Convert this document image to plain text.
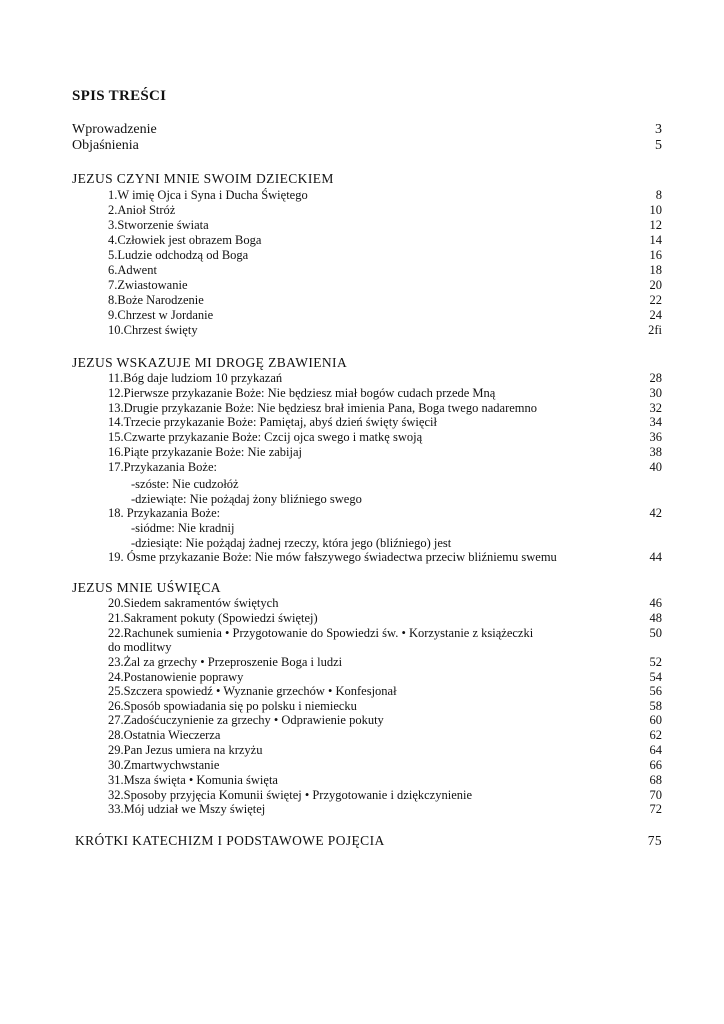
SPIS TREŚCI
Wprowadzenie	3
Objaśnienia	5
JEZUS CZYNI MNIE SWOIM DZIECKIEM
1.W imię Ojca i Syna i Ducha Świętego	8
2.Anioł Stróż	10
3.Stworzenie świata	12
4.Człowiek jest obrazem Boga	14
5.Ludzie odchodzą od Boga	16
6.Adwent	18
7.Zwiastowanie	20
8.Boże Narodzenie	22
9.Chrzest w Jordanie	24
10.Chrzest święty	2fi
JEZUS WSKAZUJE MI DROGĘ ZBAWIENIA
11.Bóg daje ludziom 10 przykazań	28
12.Pierwsze przykazanie Boże: Nie będziesz miał bogów cudach przede Mną	30
13.Drugie przykazanie Boże: Nie będziesz brał imienia Pana, Boga twego nadaremno	32
14.Trzecie przykazanie Boże: Pamiętaj, abyś dzień święty święcił	34
15.Czwarte przykazanie Boże: Czcij ojca swego i matkę swoją	36
16.Piąte przykazanie Boże: Nie zabijaj	38
17.Przykazania Boże:	40
-szóste: Nie cudzołóż
-dziewiąte: Nie pożądaj żony bliźniego swego
18. Przykazania Boże:	42
-siódme: Nie kradnij
-dziesiąte: Nie pożądaj żadnej rzeczy, która jego (bliźniego) jest
19. Ósme przykazanie Boże: Nie mów fałszywego świadectwa przeciw bliźniemu swemu	44
JEZUS MNIE UŚWIĘCA
20.Siedem sakramentów świętych	46
21.Sakrament pokuty (Spowiedzi świętej)	48
22.Rachunek sumienia • Przygotowanie do Spowiedzi św. • Korzystanie z książeczki	50
do modlitwy
23.Żal za grzechy • Przeproszenie Boga i ludzi	52
24.Postanowienie poprawy	54
25.Szczera spowiedź • Wyznanie grzechów • Konfesjonał	56
26.Sposób spowiadania się po polsku i niemiecku	58
27.Zadośćuczynienie za grzechy • Odprawienie pokuty	60
28.Ostatnia Wieczerza	62
29.Pan Jezus umiera na krzyżu	64
30.Zmartwychwstanie	66
31.Msza święta • Komunia święta	68
32.Sposoby przyjęcia Komunii świętej • Przygotowanie i dziękczynienie	70
33.Mój udział we Mszy świętej	72
KRÓTKI KATECHIZM I PODSTAWOWE POJĘCIA	75
